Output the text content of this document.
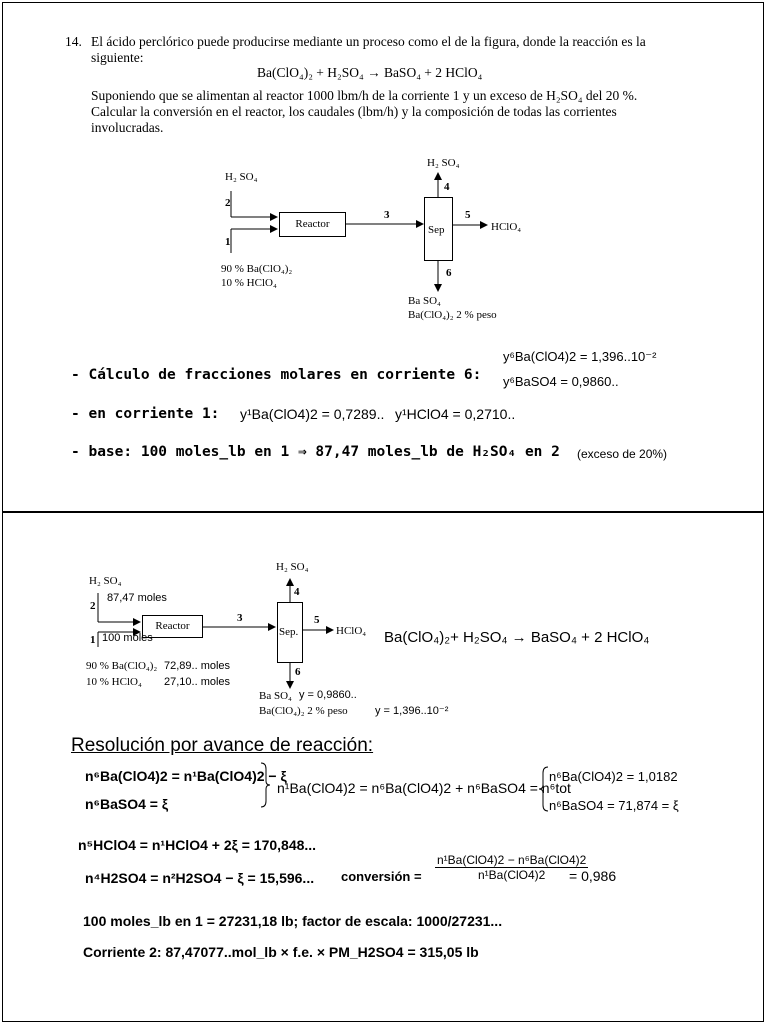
14. El ácido perclórico puede producirse mediante un proceso como el de la figura, donde la reacción es la
siguiente:
Ba(ClO₄)₂ + H₂SO₄ → BaSO₄ + 2 HClO₄
Suponiendo que se alimentan al reactor 1000 lbm/h de la corriente 1 y un exceso de H₂SO₄ del 20 %.
Calcular la conversión en el reactor, los caudales (lbm/h) y la composición de todas las corrientes
involucradas.
Reactor	Sep
H₂ SO₄
2
1
3
4
H₂ SO₄
5
HClO₄
6
90 % Ba(ClO₄)₂
10 % HClO₄
Ba SO₄
Ba(ClO₄)₂ 2 % peso
y⁶Ba(ClO4)2 = 1,396..10⁻²
y⁶BaSO4 = 0,9860..
- Cálculo de fracciones molares en corriente 6:
- en corriente 1: y¹Ba(ClO4)2 = 0,7289.. y¹HClO4 = 0,2710..
- base: 100 moles_lb en 1 ⇒ 87,47 moles_lb de H₂SO₄ en 2 (exceso de 20%)
Reactor	Sep.
H₂ SO₄
87,47 moles
2
1 100 moles
3
4
H₂ SO₄
5
HClO₄
6
90 % Ba(ClO₄)₂ 72,89.. moles
10 % HClO₄ 27,10.. moles
Ba SO₄ y = 0,9860..
Ba(ClO₄)₂ 2 % peso y = 1,396..10⁻²
Ba(ClO₄)₂+ H₂SO₄ → BaSO₄ + 2 HClO₄
Resolución por avance de reacción:
n⁶Ba(ClO4)2 = n¹Ba(ClO4)2 − ξ
n⁶BaSO4 = ξ
n¹Ba(ClO4)2 = n⁶Ba(ClO4)2 + n⁶BaSO4 = n⁶tot
n⁶Ba(ClO4)2 = 1,0182
n⁶BaSO4 = 71,874 = ξ
n⁵HClO4 = n¹HClO4 + 2ξ = 170,848...
n⁴H2SO4 = n²H2SO4 − ξ = 15,596... conversión =
n¹Ba(ClO4)2 − n⁶Ba(ClO4)2
n¹Ba(ClO4)2	= 0,986
100 moles_lb en 1 = 27231,18 lb; factor de escala: 1000/27231...
Corriente 2: 87,47077..mol_lb × f.e. × PM_H2SO4 = 315,05 lb
